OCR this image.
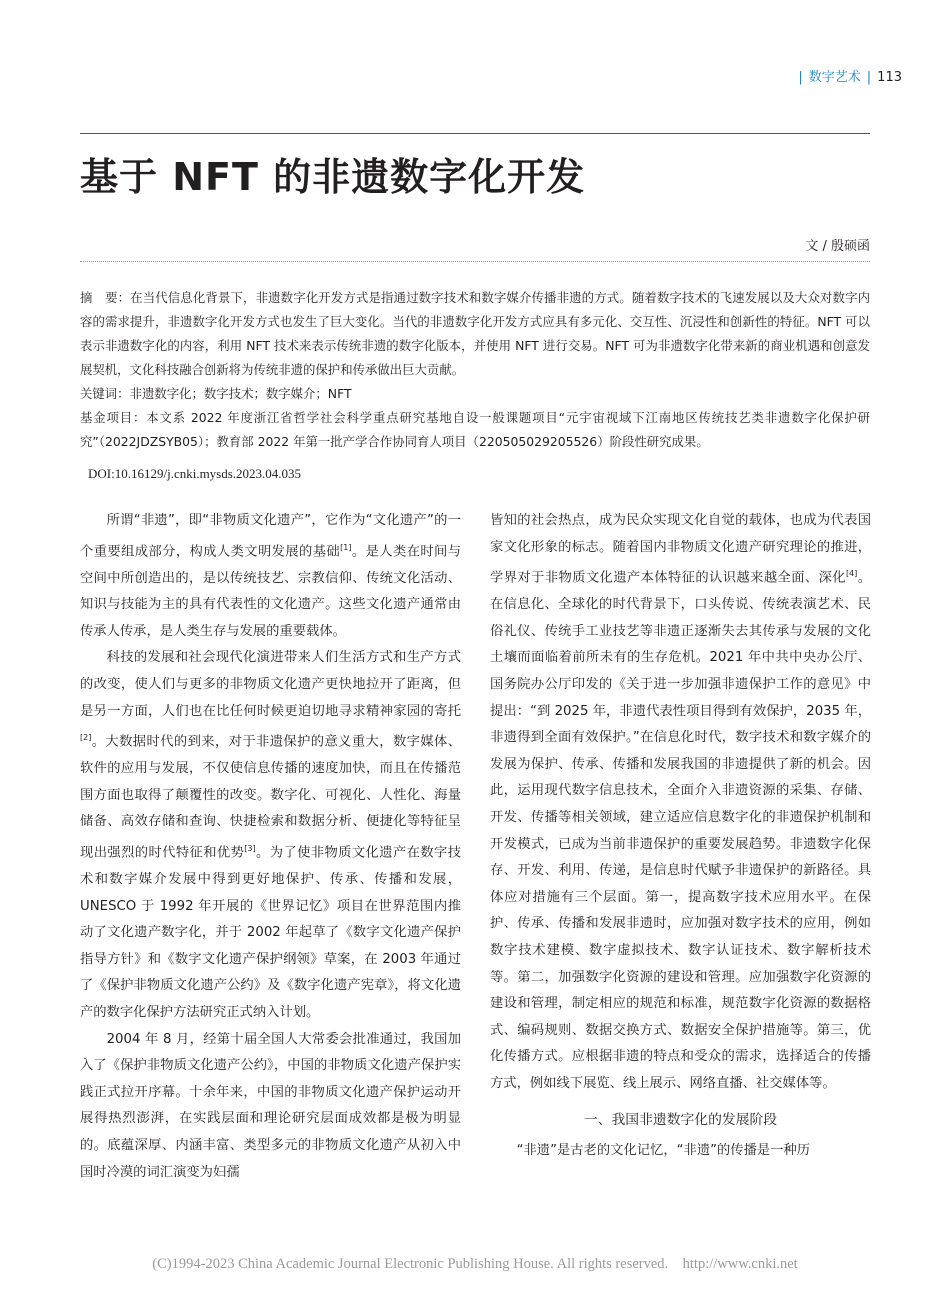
| 数字艺术 | 113
基于 NFT 的非遗数字化开发
文 / 殷硕函

摘　要：在当代信息化背景下，非遗数字化开发方式是指通过数字技术和数字媒介传播非遗的方式。随着数字技术的飞速发展以及大众对数字内容的需求提升，非遗数字化开发方式也发生了巨大变化。当代的非遗数字化开发方式应具有多元化、交互性、沉浸性和创新性的特征。NFT 可以表示非遗数字化的内容，利用 NFT 技术来表示传统非遗的数字化版本，并使用 NFT 进行交易。NFT 可为非遗数字化带来新的商业机遇和创意发展契机，文化科技融合创新将为传统非遗的保护和传承做出巨大贡献。

关键词：非遗数字化；数字技术；数字媒介；NFT

基金项目：本文系 2022 年度浙江省哲学社会科学重点研究基地自设一般课题项目“元宇宙视域下江南地区传统技艺类非遗数字化保护研究”（2022JDZSYB05）；教育部 2022 年第一批产学合作协同育人项目（220505029205526）阶段性研究成果。

DOI:10.16129/j.cnki.mysds.2023.04.035

所谓“非遗”，即“非物质文化遗产”，它作为“文化遗产”的一个重要组成部分，构成人类文明发展的基础[1]。是人类在时间与空间中所创造出的，是以传统技艺、宗教信仰、传统文化活动、知识与技能为主的具有代表性的文化遗产。这些文化遗产通常由传承人传承，是人类生存与发展的重要载体。

科技的发展和社会现代化演进带来人们生活方式和生产方式的改变，使人们与更多的非物质文化遗产更快地拉开了距离，但是另一方面，人们也在比任何时候更迫切地寻求精神家园的寄托[2]。大数据时代的到来，对于非遗保护的意义重大，数字媒体、软件的应用与发展，不仅使信息传播的速度加快，而且在传播范围方面也取得了颠覆性的改变。数字化、可视化、人性化、海量储备、高效存储和查询、快捷检索和数据分析、便捷化等特征呈现出强烈的时代特征和优势[3]。为了使非物质文化遗产在数字技术和数字媒介发展中得到更好地保护、传承、传播和发展，UNESCO 于 1992 年开展的《世界记忆》项目在世界范围内推动了文化遗产数字化，并于 2002 年起草了《数字文化遗产保护指导方针》和《数字文化遗产保护纲领》草案，在 2003 年通过了《保护非物质文化遗产公约》及《数字化遗产宪章》，将文化遗产的数字化保护方法研究正式纳入计划。

2004 年 8 月，经第十届全国人大常委会批准通过，我国加入了《保护非物质文化遗产公约》，中国的非物质文化遗产保护实践正式拉开序幕。十余年来，中国的非物质文化遗产保护运动开展得热烈澎湃，在实践层面和理论研究层面成效都是极为明显的。底蕴深厚、内涵丰富、类型多元的非物质文化遗产从初入中国时冷漠的词汇演变为妇孺

皆知的社会热点，成为民众实现文化自觉的载体，也成为代表国家文化形象的标志。随着国内非物质文化遗产研究理论的推进，学界对于非物质文化遗产本体特征的认识越来越全面、深化[4]。在信息化、全球化的时代背景下，口头传说、传统表演艺术、民俗礼仪、传统手工业技艺等非遗正逐渐失去其传承与发展的文化土壤而面临着前所未有的生存危机。2021 年中共中央办公厅、国务院办公厅印发的《关于进一步加强非遗保护工作的意见》中提出：“到 2025 年，非遗代表性项目得到有效保护，2035 年，非遗得到全面有效保护。”在信息化时代，数字技术和数字媒介的发展为保护、传承、传播和发展我国的非遗提供了新的机会。因此，运用现代数字信息技术，全面介入非遗资源的采集、存储、开发、传播等相关领域，建立适应信息数字化的非遗保护机制和开发模式，已成为当前非遗保护的重要发展趋势。非遗数字化保存、开发、利用、传递，是信息时代赋予非遗保护的新路径。具体应对措施有三个层面。第一，提高数字技术应用水平。在保护、传承、传播和发展非遗时，应加强对数字技术的应用，例如数字技术建模、数字虚拟技术、数字认证技术、数字解析技术等。第二，加强数字化资源的建设和管理。应加强数字化资源的建设和管理，制定相应的规范和标准，规范数字化资源的数据格式、编码规则、数据交换方式、数据安全保护措施等。第三，优化传播方式。应根据非遗的特点和受众的需求，选择适合的传播方式，例如线下展览、线上展示、网络直播、社交媒体等。

一、我国非遗数字化的发展阶段

“非遗”是古老的文化记忆，“非遗”的传播是一种历

(C)1994-2023 China Academic Journal Electronic Publishing House. All rights reserved.　http://www.cnki.net
